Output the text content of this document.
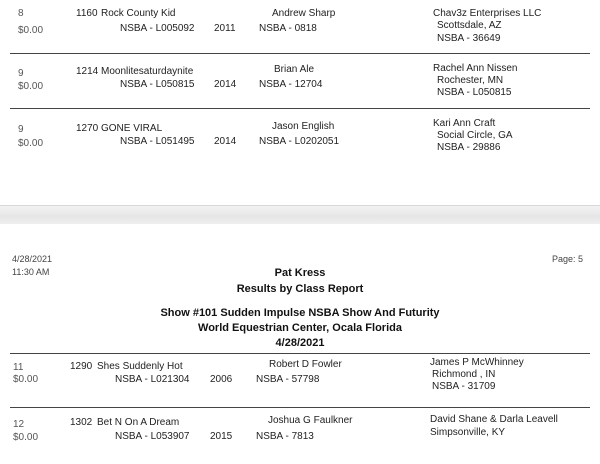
8
$0.00
1160 Rock County Kid
NSBA - L005092 2011
Andrew Sharp
NSBA - 0818
Chav3z Enterprises LLC
Scottsdale, AZ
NSBA - 36649
9
$0.00
1214 Moonlitesaturdaynite
NSBA - L050815 2014
Brian Ale
NSBA - 12704
Rachel Ann Nissen
Rochester, MN
NSBA - L050815
9
$0.00
1270 GONE VIRAL
NSBA - L051495 2014
Jason English
NSBA - L0202051
Kari Ann Craft
Social Circle, GA
NSBA - 29886
4/28/2021
11:30 AM
Page: 5
Pat Kress
Results by Class Report
Show #101 Sudden Impulse NSBA Show And Futurity
World Equestrian Center, Ocala Florida
4/28/2021
11
$0.00
1290 Shes Suddenly Hot
NSBA - L021304 2006
Robert D Fowler
NSBA - 57798
James P McWhinney
Richmond , IN
NSBA - 31709
12
$0.00
1302 Bet N On A Dream
NSBA - L053907 2015
Joshua G Faulkner
NSBA - 7813
David Shane & Darla Leavell
Simpsonville, KY
